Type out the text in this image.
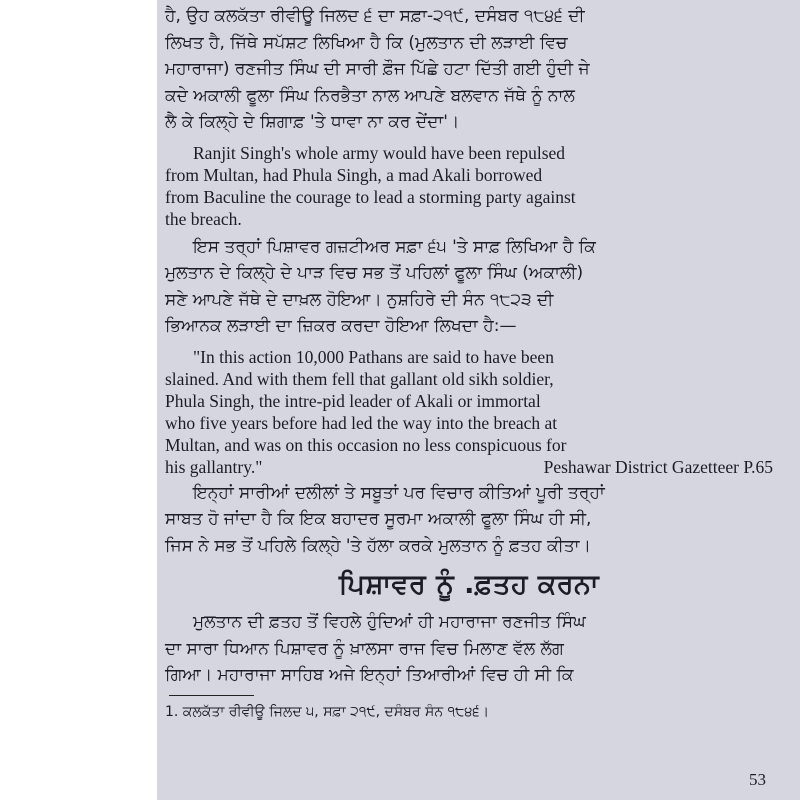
ਹੈ, ਉਹ ਕਲਕੱਤਾ ਰੀਵੀਊ ਜਿਲਦ ੬ ਦਾ ਸਫ਼ਾ-੨੧੯, ਦਸੰਬਰ ੧੮੪੬ ਦੀ

ਲਿਖਤ ਹੈ, ਜਿੱਥੇ ਸਪੱਸ਼ਟ ਲਿਖਿਆ ਹੈ ਕਿ (ਮੁਲਤਾਨ ਦੀ ਲੜਾਈ ਵਿਚ

ਮਹਾਰਾਜਾ) ਰਣਜੀਤ ਸਿੰਘ ਦੀ ਸਾਰੀ ਫ਼ੌਜ ਪਿੱਛੇ ਹਟਾ ਦਿੱਤੀ ਗਈ ਹੁੰਦੀ ਜੇ

ਕਦੇ ਅਕਾਲੀ ਫੂਲਾ ਸਿੰਘ ਨਿਰਭੈਤਾ ਨਾਲ ਆਪਣੇ ਬਲਵਾਨ ਜੱਥੇ ਨੂੰ ਨਾਲ

ਲੈ ਕੇ ਕਿਲ੍ਹੇ ਦੇ ਸ਼ਿਗਾਫ਼ 'ਤੇ ਧਾਵਾ ਨਾ ਕਰ ਦੇਂਦਾ'।

Ranjit Singh's whole army would have been repulsed

from Multan, had Phula Singh, a mad Akali borrowed

from Baculine the courage to lead a storming party against

the breach.

ਇਸ ਤਰ੍ਹਾਂ ਪਿਸ਼ਾਵਰ ਗਜ਼ਟੀਅਰ ਸਫ਼ਾ ੬੫ 'ਤੇ ਸਾਫ਼ ਲਿਖਿਆ ਹੈ ਕਿ

ਮੁਲਤਾਨ ਦੇ ਕਿਲ੍ਹੇ ਦੇ ਪਾੜ ਵਿਚ ਸਭ ਤੋਂ ਪਹਿਲਾਂ ਫੂਲਾ ਸਿੰਘ (ਅਕਾਲੀ)

ਸਣੇ ਆਪਣੇ ਜੱਥੇ ਦੇ ਦਾਖ਼ਲ ਹੋਇਆ। ਨੁਸ਼ਹਿਰੇ ਦੀ ਸੰਨ ੧੮੨੩ ਦੀ

ਭਿਆਨਕ ਲੜਾਈ ਦਾ ਜ਼ਿਕਰ ਕਰਦਾ ਹੋਇਆ ਲਿਖਦਾ ਹੈ:—

"In this action 10,000 Pathans are said to have been

slained. And with them fell that gallant old sikh soldier,

Phula Singh, the intre-pid leader of Akali or immortal

who five years before had led the way into the breach at

Multan, and was on this occasion no less conspicuous for

his gallantry."	Peshawar District Gazetteer P.65

ਇਨ੍ਹਾਂ ਸਾਰੀਆਂ ਦਲੀਲਾਂ ਤੇ ਸਬੂਤਾਂ ਪਰ ਵਿਚਾਰ ਕੀਤਿਆਂ ਪੂਰੀ ਤਰ੍ਹਾਂ

ਸਾਬਤ ਹੋ ਜਾਂਦਾ ਹੈ ਕਿ ਇਕ ਬਹਾਦਰ ਸੂਰਮਾ ਅਕਾਲੀ ਫੂਲਾ ਸਿੰਘ ਹੀ ਸੀ,

ਜਿਸ ਨੇ ਸਭ ਤੋਂ ਪਹਿਲੇ ਕਿਲ੍ਹੇ 'ਤੇ ਹੱਲਾ ਕਰਕੇ ਮੁਲਤਾਨ ਨੂੰ ਫ਼ਤਹ ਕੀਤਾ।

ਪਿਸ਼ਾਵਰ ਨੂੰ .ਫ਼ਤਹ ਕਰਨਾ

ਮੁਲਤਾਨ ਦੀ ਫ਼ਤਹ ਤੋਂ ਵਿਹਲੇ ਹੁੰਦਿਆਂ ਹੀ ਮਹਾਰਾਜਾ ਰਣਜੀਤ ਸਿੰਘ

ਦਾ ਸਾਰਾ ਧਿਆਨ ਪਿਸ਼ਾਵਰ ਨੂੰ ਖ਼ਾਲਸਾ ਰਾਜ ਵਿਚ ਮਿਲਾਣ ਵੱਲ ਲੱਗ

ਗਿਆ। ਮਹਾਰਾਜਾ ਸਾਹਿਬ ਅਜੇ ਇਨ੍ਹਾਂ ਤਿਆਰੀਆਂ ਵਿਚ ਹੀ ਸੀ ਕਿ

1. ਕਲਕੱਤਾ ਰੀਵੀਊ ਜਿਲਦ ੫, ਸਫ਼ਾ ੨੧੯, ਦਸੰਬਰ ਸੰਨ ੧੮੪੬।

53
